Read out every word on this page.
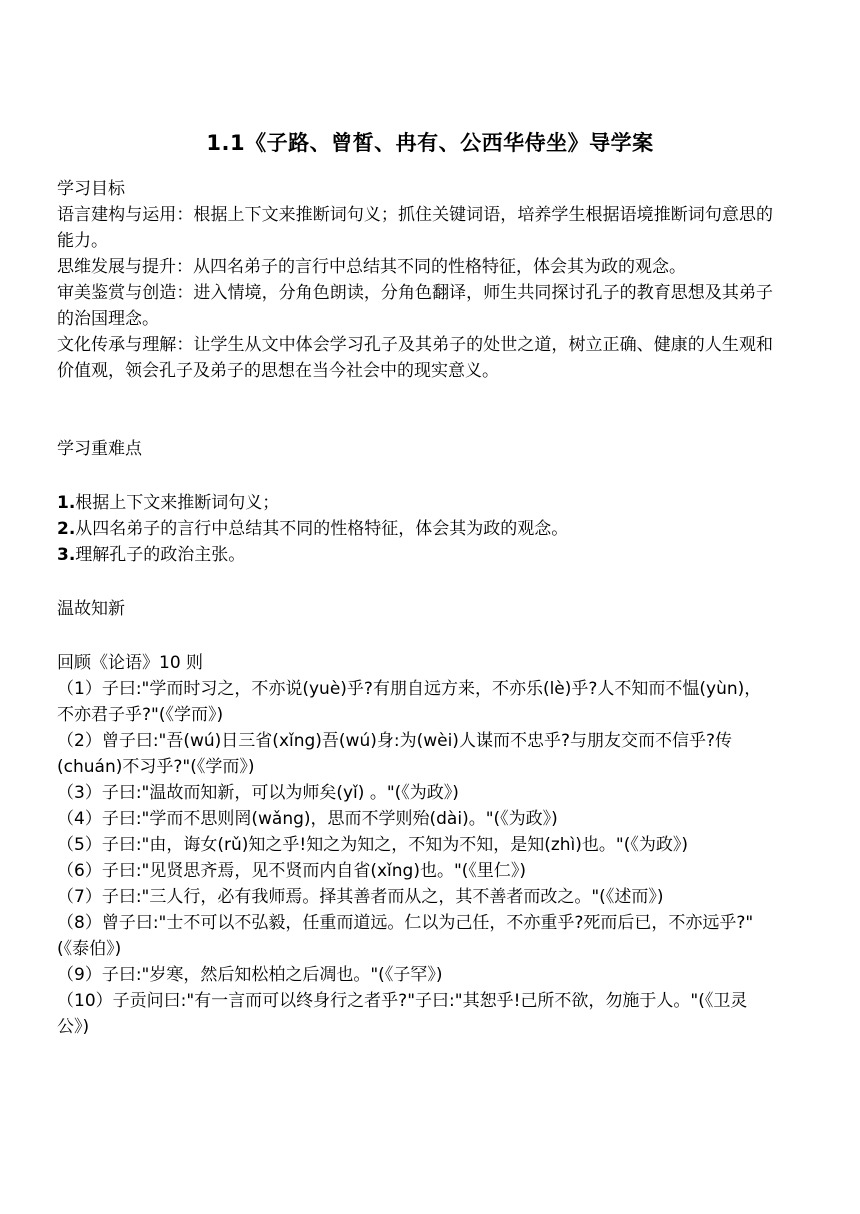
1.1《子路、曾皙、冉有、公西华侍坐》导学案
学习目标

语言建构与运用：根据上下文来推断词句义；抓住关键词语，培养学生根据语境推断词句意思的能力。

思维发展与提升：从四名弟子的言行中总结其不同的性格特征，体会其为政的观念。

审美鉴赏与创造：进入情境，分角色朗读，分角色翻译，师生共同探讨孔子的教育思想及其弟子的治国理念。

文化传承与理解：让学生从文中体会学习孔子及其弟子的处世之道，树立正确、健康的人生观和价值观，领会孔子及弟子的思想在当今社会中的现实意义。

学习重难点

1.根据上下文来推断词句义；

2.从四名弟子的言行中总结其不同的性格特征，体会其为政的观念。

3.理解孔子的政治主张。

温故知新

回顾《论语》10 则

（1）子曰:"学而时习之，不亦说(yuè)乎?有朋自远方来，不亦乐(lè)乎?人不知而不愠(yùn)，不亦君子乎?"(《学而》)

（2）曾子曰:"吾(wú)日三省(xǐng)吾(wú)身:为(wèi)人谋而不忠乎?与朋友交而不信乎?传(chuán)不习乎?"(《学而》)

（3）子曰:"温故而知新，可以为师矣(yǐ) 。"(《为政》)

（4）子曰:"学而不思则罔(wǎng)，思而不学则殆(dài)。"(《为政》)

（5）子曰:"由，诲女(rǔ)知之乎!知之为知之，不知为不知，是知(zhì)也。"(《为政》)

（6）子曰:"见贤思齐焉，见不贤而内自省(xǐng)也。"(《里仁》)

（7）子曰:"三人行，必有我师焉。择其善者而从之，其不善者而改之。"(《述而》)

（8）曾子曰:"士不可以不弘毅，任重而道远。仁以为己任，不亦重乎?死而后已，不亦远乎?" (《泰伯》)

（9）子曰:"岁寒，然后知松柏之后凋也。"(《子罕》)

（10）子贡问曰:"有一言而可以终身行之者乎?"子曰:"其恕乎!己所不欲，勿施于人。"(《卫灵公》)
